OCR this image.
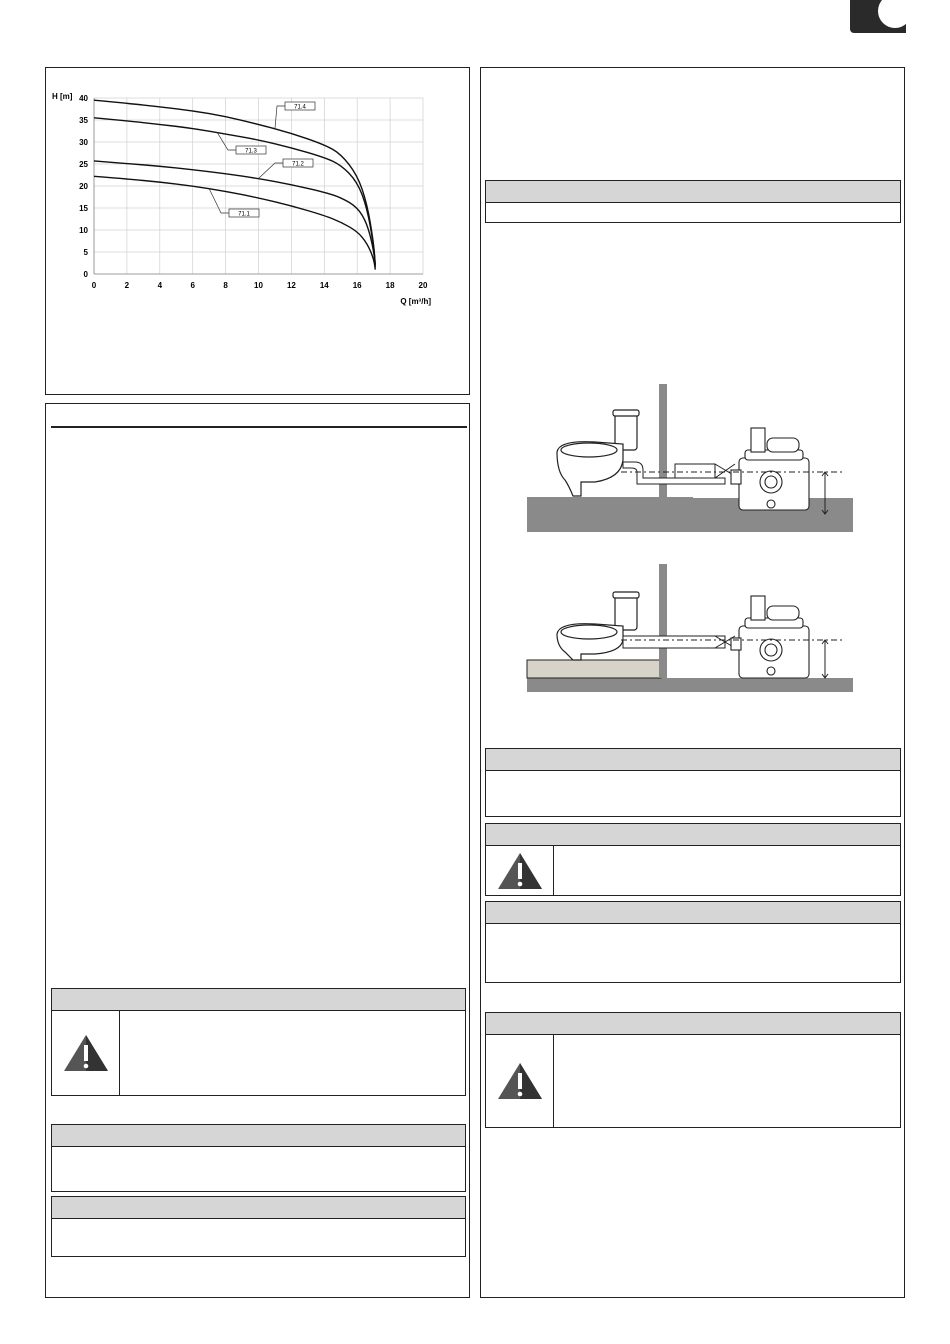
0	2	4	6	8	10	12	14	16	18	20
0
5
10
15
20
25
30
35
40
71.4
71.3
71.2
71.1
H [m]
Q [m³/h]
